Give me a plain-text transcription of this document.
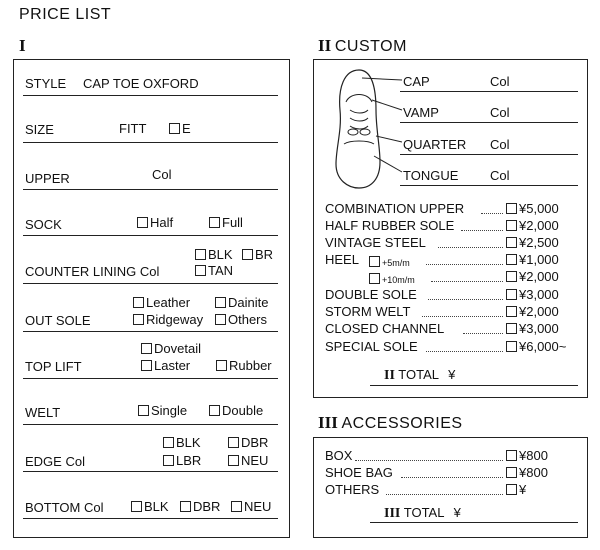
PRICE LIST
I
STYLE CAP TOE OXFORD
SIZE	FITT	E
UPPER	Col
SOCK	Half	Full
BLK	BR
COUNTER LINING Col	TAN
Leather	Dainite
OUT SOLE	Ridgeway	Others
Dovetail
TOP LIFT	Laster	Rubber
WELT	Single	Double
BLK	DBR
EDGE Col	LBR	NEU
BOTTOM Col	BLK	DBR	NEU
II CUSTOM
CAP	Col
VAMP	Col
QUARTER Col
TONGUE Col
COMBINATION UPPER	¥5,000
HALF RUBBER SOLE	¥2,000
VINTAGE STEEL	¥2,500
HEEL	+5m/m	¥1,000
+10m/m	¥2,000
DOUBLE SOLE	¥3,000
STORM WELT	¥2,000
CLOSED CHANNEL	¥3,000
SPECIAL SOLE	¥6,000~
II TOTAL ¥
III ACCESSORIES
BOX	¥800
SHOE BAG	¥800
OTHERS	¥
III TOTAL ¥
